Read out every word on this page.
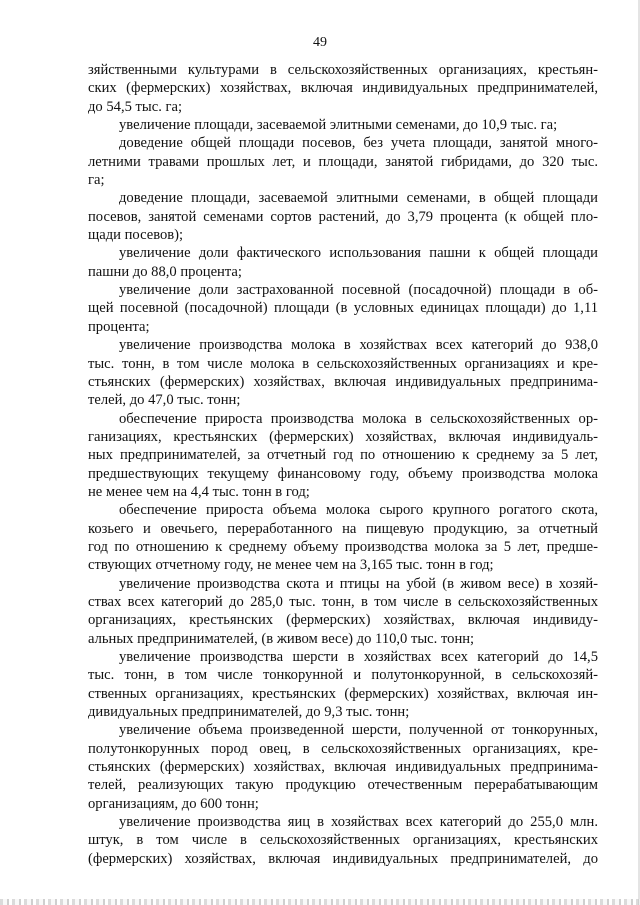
49
зяйственными культурами в сельскохозяйственных организациях, крестьян-
ских (фермерских) хозяйствах, включая индивидуальных предпринимателей,
до 54,5 тыс. га;
увеличение площади, засеваемой элитными семенами, до 10,9 тыс. га;
доведение общей площади посевов, без учета площади, занятой много-
летними травами прошлых лет, и площади, занятой гибридами, до 320 тыс.
га;
доведение площади, засеваемой элитными семенами, в общей площади
посевов, занятой семенами сортов растений, до 3,79 процента (к общей пло-
щади посевов);
увеличение доли фактического использования пашни к общей площади
пашни до 88,0 процента;
увеличение доли застрахованной посевной (посадочной) площади в об-
щей посевной (посадочной) площади (в условных единицах площади) до 1,11
процента;
увеличение производства молока в хозяйствах всех категорий до 938,0
тыс. тонн, в том числе молока в сельскохозяйственных организациях и кре-
стьянских (фермерских) хозяйствах, включая индивидуальных предпринима-
телей, до 47,0 тыс. тонн;
обеспечение прироста производства молока в сельскохозяйственных ор-
ганизациях, крестьянских (фермерских) хозяйствах, включая индивидуаль-
ных предпринимателей, за отчетный год по отношению к среднему за 5 лет,
предшествующих текущему финансовому году, объему производства молока
не менее чем на 4,4 тыс. тонн в год;
обеспечение прироста объема молока сырого крупного рогатого скота,
козьего и овечьего, переработанного на пищевую продукцию, за отчетный
год по отношению к среднему объему производства молока за 5 лет, предше-
ствующих отчетному году, не менее чем на 3,165 тыс. тонн в год;
увеличение производства скота и птицы на убой (в живом весе) в хозяй-
ствах всех категорий до 285,0 тыс. тонн, в том числе в сельскохозяйственных
организациях, крестьянских (фермерских) хозяйствах, включая индивиду-
альных предпринимателей, (в живом весе) до 110,0 тыс. тонн;
увеличение производства шерсти в хозяйствах всех категорий до 14,5
тыс. тонн, в том числе тонкорунной и полутонкорунной, в сельскохозяй-
ственных организациях, крестьянских (фермерских) хозяйствах, включая ин-
дивидуальных предпринимателей, до 9,3 тыс. тонн;
увеличение объема произведенной шерсти, полученной от тонкорунных,
полутонкорунных пород овец, в сельскохозяйственных организациях, кре-
стьянских (фермерских) хозяйствах, включая индивидуальных предпринима-
телей, реализующих такую продукцию отечественным перерабатывающим
организациям, до 600 тонн;
увеличение производства яиц в хозяйствах всех категорий до 255,0 млн.
штук, в том числе в сельскохозяйственных организациях, крестьянских
(фермерских) хозяйствах, включая индивидуальных предпринимателей, до
